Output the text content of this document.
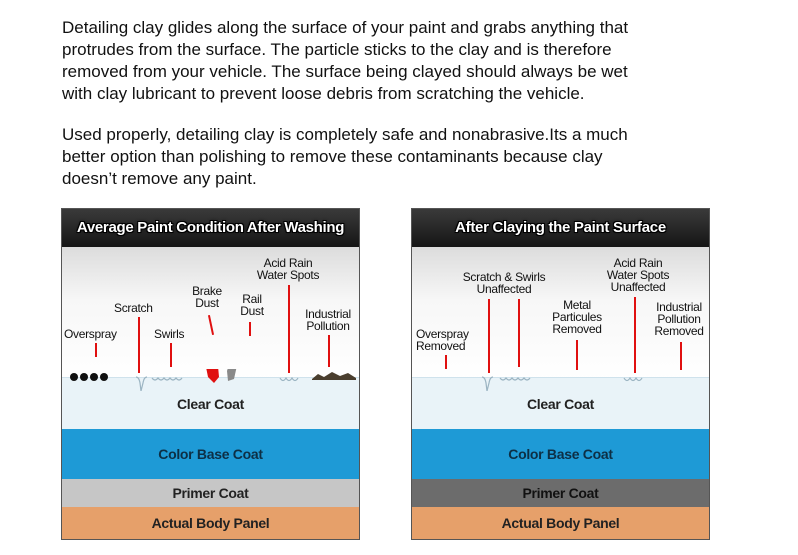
Detailing clay glides along the surface of your paint and grabs anything that
protrudes from the surface. The particle sticks to the clay and is therefore
removed from your vehicle. The surface being clayed should always be wet
with clay lubricant to prevent loose debris from scratching the vehicle.
Used properly, detailing clay is completely safe and nonabrasive.Its a much
better option than polishing to remove these contaminants because clay
doesn’t remove any paint.
Average Paint Condition After Washing
Clear Coat
Color Base Coat
Primer Coat
Actual Body Panel
Overspray
Scratch
Swirls
Brake
Dust	Rail
Dust
Acid Rain
Water Spots
Industrial
Pollution
After Claying the Paint Surface
Clear Coat
Color Base Coat
Primer Coat
Actual Body Panel
Overspray
Removed
Scratch & Swirls
Unaffected
Metal
Particules
Removed
Acid Rain
Water Spots
Unaffected
Industrial
Pollution
Removed
